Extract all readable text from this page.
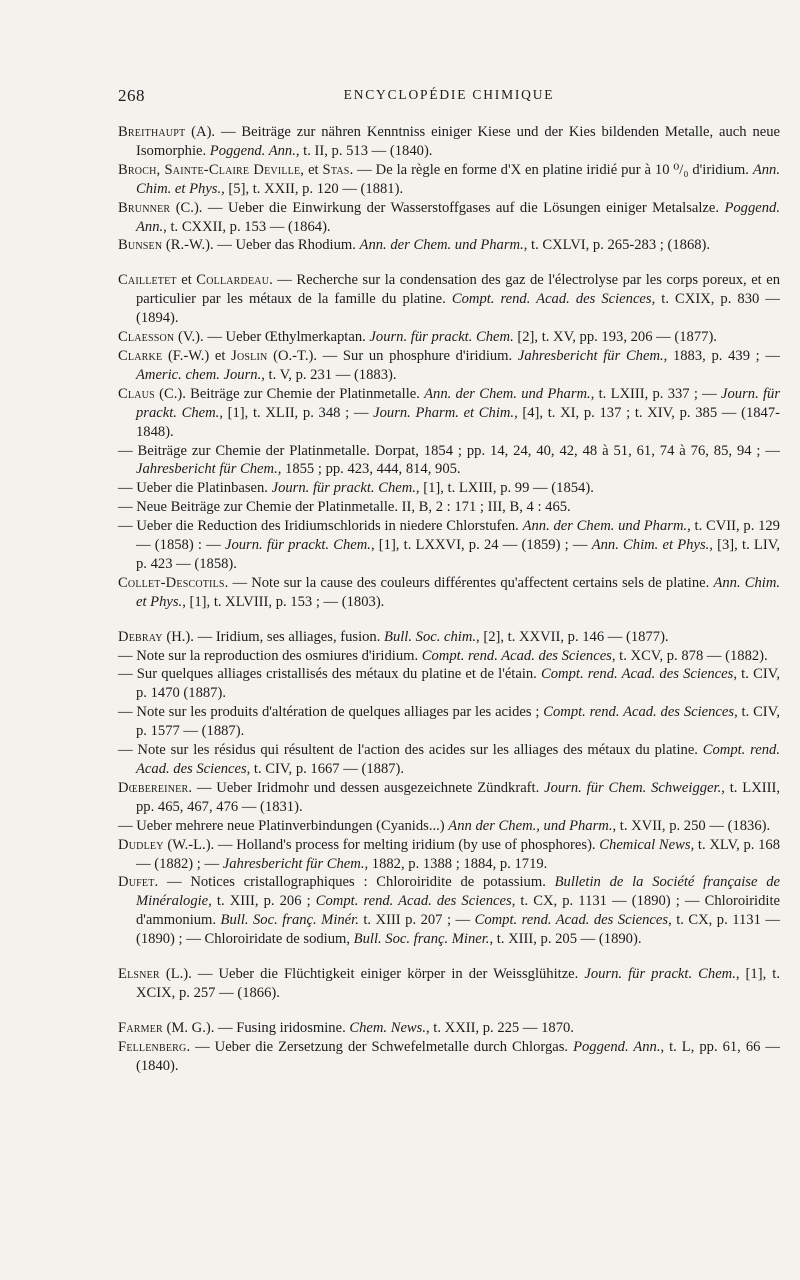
268	ENCYCLOPÉDIE CHIMIQUE

Breithaupt (A). — Beiträge zur nähren Kenntniss einiger Kiese und der Kies bildenden Metalle, auch neue Isomorphie. Poggend. Ann., t. II, p. 513 — (1840).

Broch, Sainte-Claire Deville, et Stas. — De la règle en forme d'X en platine iridié pur à 10 ⁰/₀ d'iridium. Ann. Chim. et Phys., [5], t. XXII, p. 120 — (1881).

Brunner (C.). — Ueber die Einwirkung der Wasserstoffgases auf die Lösungen einiger Metalsalze. Poggend. Ann., t. CXXII, p. 153 — (1864).

Bunsen (R.-W.). — Ueber das Rhodium. Ann. der Chem. und Pharm., t. CXLVI, p. 265-283 ; (1868).

Cailletet et Collardeau. — Recherche sur la condensation des gaz de l'électrolyse par les corps poreux, et en particulier par les métaux de la famille du platine. Compt. rend. Acad. des Sciences, t. CXIX, p. 830 — (1894).

Claesson (V.). — Ueber Œthylmerkaptan. Journ. für prackt. Chem. [2], t. XV, pp. 193, 206 — (1877).

Clarke (F.-W.) et Joslin (O.-T.). — Sur un phosphure d'iridium. Jahresbericht für Chem., 1883, p. 439 ; — Americ. chem. Journ., t. V, p. 231 — (1883).

Claus (C.). Beiträge zur Chemie der Platinmetalle. Ann. der Chem. und Pharm., t. LXIII, p. 337 ; — Journ. für prackt. Chem., [1], t. XLII, p. 348 ; — Journ. Pharm. et Chim., [4], t. XI, p. 137 ; t. XIV, p. 385 — (1847-1848).

— Beiträge zur Chemie der Platinmetalle. Dorpat, 1854 ; pp. 14, 24, 40, 42, 48 à 51, 61, 74 à 76, 85, 94 ; — Jahresbericht für Chem., 1855 ; pp. 423, 444, 814, 905.

— Ueber die Platinbasen. Journ. für prackt. Chem., [1], t. LXIII, p. 99 — (1854).

— Neue Beiträge zur Chemie der Platinmetalle. II, B, 2 : 171 ; III, B, 4 : 465.

— Ueber die Reduction des Iridiumschlorids in niedere Chlorstufen. Ann. der Chem. und Pharm., t. CVII, p. 129 — (1858) : — Journ. für prackt. Chem., [1], t. LXXVI, p. 24 — (1859) ; — Ann. Chim. et Phys., [3], t. LIV, p. 423 — (1858).

Collet-Descotils. — Note sur la cause des couleurs différentes qu'affectent certains sels de platine. Ann. Chim. et Phys., [1], t. XLVIII, p. 153 ; — (1803).

Debray (H.). — Iridium, ses alliages, fusion. Bull. Soc. chim., [2], t. XXVII, p. 146 — (1877).

— Note sur la reproduction des osmiures d'iridium. Compt. rend. Acad. des Sciences, t. XCV, p. 878 — (1882).

— Sur quelques alliages cristallisés des métaux du platine et de l'étain. Compt. rend. Acad. des Sciences, t. CIV, p. 1470 (1887).

— Note sur les produits d'altération de quelques alliages par les acides ; Compt. rend. Acad. des Sciences, t. CIV, p. 1577 — (1887).

— Note sur les résidus qui résultent de l'action des acides sur les alliages des métaux du platine. Compt. rend. Acad. des Sciences, t. CIV, p. 1667 — (1887).

Dœbereiner. — Ueber Iridmohr und dessen ausgezeichnete Zündkraft. Journ. für Chem. Schweigger., t. LXIII, pp. 465, 467, 476 — (1831).

— Ueber mehrere neue Platinverbindungen (Cyanids...) Ann der Chem., und Pharm., t. XVII, p. 250 — (1836).

Dudley (W.-L.). — Holland's process for melting iridium (by use of phosphores). Chemical News, t. XLV, p. 168 — (1882) ; — Jahresbericht für Chem., 1882, p. 1388 ; 1884, p. 1719.

Dufet. — Notices cristallographiques : Chloroiridite de potassium. Bulletin de la Société française de Minéralogie, t. XIII, p. 206 ; Compt. rend. Acad. des Sciences, t. CX, p. 1131 — (1890) ; — Chloroiridite d'ammonium. Bull. Soc. franç. Minér. t. XIII p. 207 ; — Compt. rend. Acad. des Sciences, t. CX, p. 1131 — (1890) ; — Chloroiridate de sodium, Bull. Soc. franç. Miner., t. XIII, p. 205 — (1890).

Elsner (L.). — Ueber die Flüchtigkeit einiger körper in der Weissglühitze. Journ. für prackt. Chem., [1], t. XCIX, p. 257 — (1866).

Farmer (M. G.). — Fusing iridosmine. Chem. News., t. XXII, p. 225 — 1870.

Fellenberg. — Ueber die Zersetzung der Schwefelmetalle durch Chlorgas. Poggend. Ann., t. L, pp. 61, 66 — (1840).
